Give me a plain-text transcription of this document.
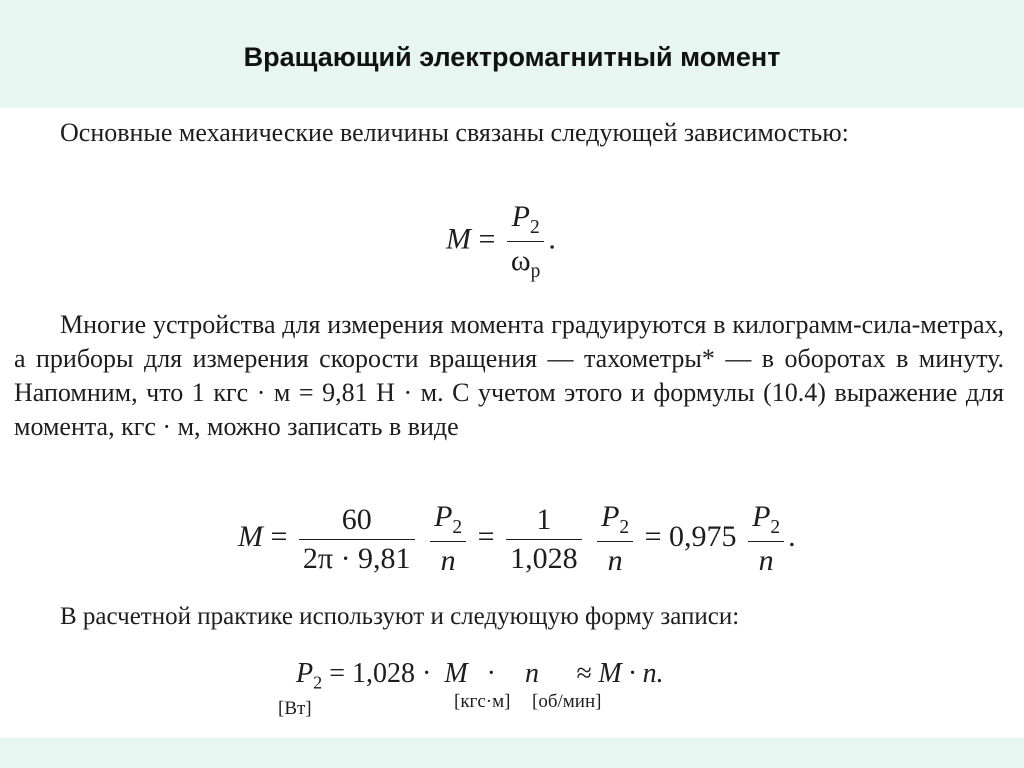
Вращающий электромагнитный момент
Основные механические величины связаны следующей зависимостью:
$M = \frac{P_2}{\omega_р}$ .
Многие устройства для измерения момента градуируются в килограмм-сила-метрах, а приборы для измерения скорости вращения — тахометры* — в оборотах в минуту. Напомним, что 1 кгс · м = 9,81 Н · м. С учетом этого и формулы (10.4) выражение для момента, кгс · м, можно записать в виде
$M = \frac{60}{2\pi \cdot 9,81}$
$\frac{P_2}{n} = \frac{1}{1,028}$
$\frac{P_2}{n} = 0,975 \frac{P_2}{n}$ .
В расчетной практике используют и следующую форму записи:
$P_2 = 1,028 \cdot M \cdot n \approx M \cdot n$.
[Вт]	[кгс·м] [об/мин]
